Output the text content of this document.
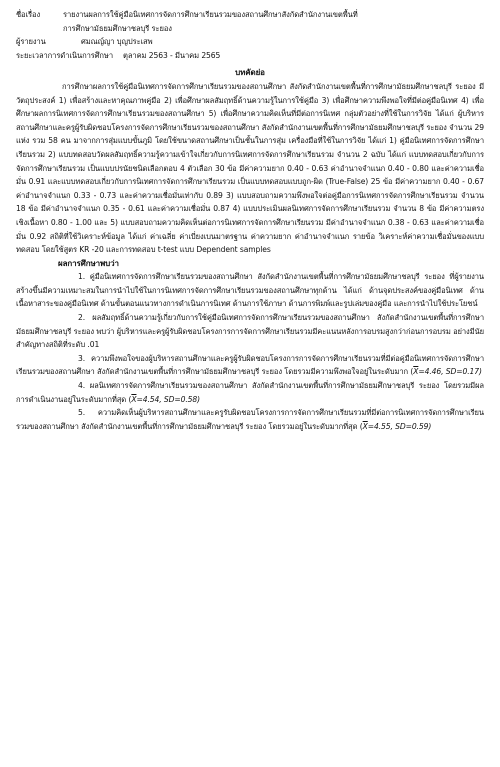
ชื่อเรื่อง	รายงานผลการใช้คู่มือนิเทศการจัดการศึกษาเรียนรวมของสถานศึกษาสังกัดสำนักงานเขตพื้นที่
การศึกษามัธยมศึกษาชลบุรี ระยอง
ผู้รายงาน	ศมณญ์ญา บุญประเสพ
ระยะเวลาการดำเนินการศึกษา	ตุลาคม 2563 - มีนาคม 2565
บทคัดย่อ

การศึกษาผลการใช้คู่มือนิเทศการจัดการศึกษาเรียนรวมของสถานศึกษา สังกัดสำนักงานเขตพื้นที่การศึกษามัธยมศึกษาชลบุรี ระยอง มีวัตถุประสงค์ 1) เพื่อสร้างและหาคุณภาพคู่มือ 2) เพื่อศึกษาผลสัมฤทธิ์ด้านความรู้ในการใช้คู่มือ 3) เพื่อศึกษาความพึงพอใจที่มีต่อคู่มือนิเทศ 4) เพื่อศึกษาผลการนิเทศการจัดการศึกษาเรียนรวมของสถานศึกษา 5) เพื่อศึกษาความคิดเห็นที่มีต่อการนิเทศ กลุ่มตัวอย่างที่ใช้ในการวิจัย ได้แก่ ผู้บริหารสถานศึกษาและครูผู้รับผิดชอบโครงการจัดการศึกษาเรียนรวมของสถานศึกษา สังกัดสำนักงานเขตพื้นที่การศึกษามัธยมศึกษาชลบุรี ระยอง จำนวน 29 แห่ง รวม 58 คน มาจากการสุ่มแบบขั้นภูมิ โดยใช้ขนาดสถานศึกษาเป็นชั้นในการสุ่ม เครื่องมือที่ใช้ในการวิจัย ได้แก่ 1) คู่มือนิเทศการจัดการศึกษาเรียนรวม 2) แบบทดสอบวัดผลสัมฤทธิ์ความรู้ความเข้าใจเกี่ยวกับการนิเทศการจัดการศึกษาเรียนรวม จำนวน 2 ฉบับ ได้แก่ แบบทดสอบเกี่ยวกับการจัดการศึกษาเรียนรวม เป็นแบบปรนัยชนิดเลือกตอบ 4 ตัวเลือก 30 ข้อ มีค่าความยาก 0.40 - 0.63 ค่าอำนาจจำแนก 0.40 - 0.80 และค่าความเชื่อมั่น 0.91 และแบบทดสอบเกี่ยวกับการนิเทศการจัดการศึกษาเรียนรวม เป็นแบบทดสอบแบบถูก-ผิด (True-False) 25 ข้อ มีค่าความยาก 0.40 - 0.67 ค่าอำนาจจำแนก 0.33 - 0.73 และค่าความเชื่อมั่นเท่ากับ 0.89 3) แบบสอบถามความพึงพอใจต่อคู่มือการนิเทศการจัดการศึกษาเรียนรวม จำนวน 18 ข้อ มีค่าอำนาจจำแนก 0.35 - 0.61 และค่าความเชื่อมั่น 0.87 4) แบบประเมินผลนิเทศการจัดการศึกษาเรียนรวม จำนวน 8 ข้อ มีค่าความตรงเชิงเนื้อหา 0.80 - 1.00 และ 5) แบบสอบถามความคิดเห็นต่อการนิเทศการจัดการศึกษาเรียนรวม มีค่าอำนาจจำแนก 0.38 - 0.63 และค่าความเชื่อมั่น 0.92 สถิติที่ใช้วิเคราะห์ข้อมูล ได้แก่ ค่าเฉลี่ย ค่าเบี่ยงเบนมาตรฐาน ค่าความยาก ค่าอำนาจจำแนก รายข้อ วิเคราะห์ค่าความเชื่อมั่นของแบบทดสอบ โดยใช้สูตร KR -20 และการทดสอบ t-test แบบ Dependent samples

ผลการศึกษาพบว่า

1. คู่มือนิเทศการจัดการศึกษาเรียนรวมของสถานศึกษา สังกัดสำนักงานเขตพื้นที่การศึกษามัธยมศึกษาชลบุรี ระยอง ที่ผู้รายงานสร้างขึ้นมีความเหมาะสมในการนำไปใช้ในการนิเทศการจัดการศึกษาเรียนรวมของสถานศึกษาทุกด้าน ได้แก่ ด้านจุดประสงค์ของคู่มือนิเทศ ด้านเนื้อหาสาระของคู่มือนิเทศ ด้านขั้นตอนแนวทางการดำเนินการนิเทศ ด้านการใช้ภาษา ด้านการพิมพ์และรูปเล่มของคู่มือ และการนำไปใช้ประโยชน์

2. ผลสัมฤทธิ์ด้านความรู้เกี่ยวกับการใช้คู่มือนิเทศการจัดการศึกษาเรียนรวมของสถานศึกษา สังกัดสำนักงานเขตพื้นที่การศึกษามัธยมศึกษาชลบุรี ระยอง พบว่า ผู้บริหารและครูผู้รับผิดชอบโครงการการจัดการศึกษาเรียนรวมมีคะแนนหลังการอบรมสูงกว่าก่อนการอบรม อย่างมีนัยสำคัญทางสถิติที่ระดับ .01

3. ความพึงพอใจของผู้บริหารสถานศึกษาและครูผู้รับผิดชอบโครงการการจัดการศึกษาเรียนรวมที่มีต่อคู่มือนิเทศการจัดการศึกษาเรียนรวมของสถานศึกษา สังกัดสำนักงานเขตพื้นที่การศึกษามัธยมศึกษาชลบุรี ระยอง โดยรวมมีความพึงพอใจอยู่ในระดับมาก ($\overline{X}=4.46$, SD=0.17)

4. ผลนิเทศการจัดการศึกษาเรียนรวมของสถานศึกษา สังกัดสำนักงานเขตพื้นที่การศึกษามัธยมศึกษาชลบุรี ระยอง โดยรวมมีผลการดำเนินงานอยู่ในระดับมากที่สุด ($\overline{X}=4.54$, SD=0.58)

5. ความคิดเห็นผู้บริหารสถานศึกษาและครูรับผิดชอบโครงการการจัดการศึกษาเรียนรวมที่มีต่อการนิเทศการจัดการศึกษาเรียนรวมของสถานศึกษา สังกัดสำนักงานเขตพื้นที่การศึกษามัธยมศึกษาชลบุรี ระยอง โดยรวมอยู่ในระดับมากที่สุด ($\overline{X}=4.55$, SD=0.59)
